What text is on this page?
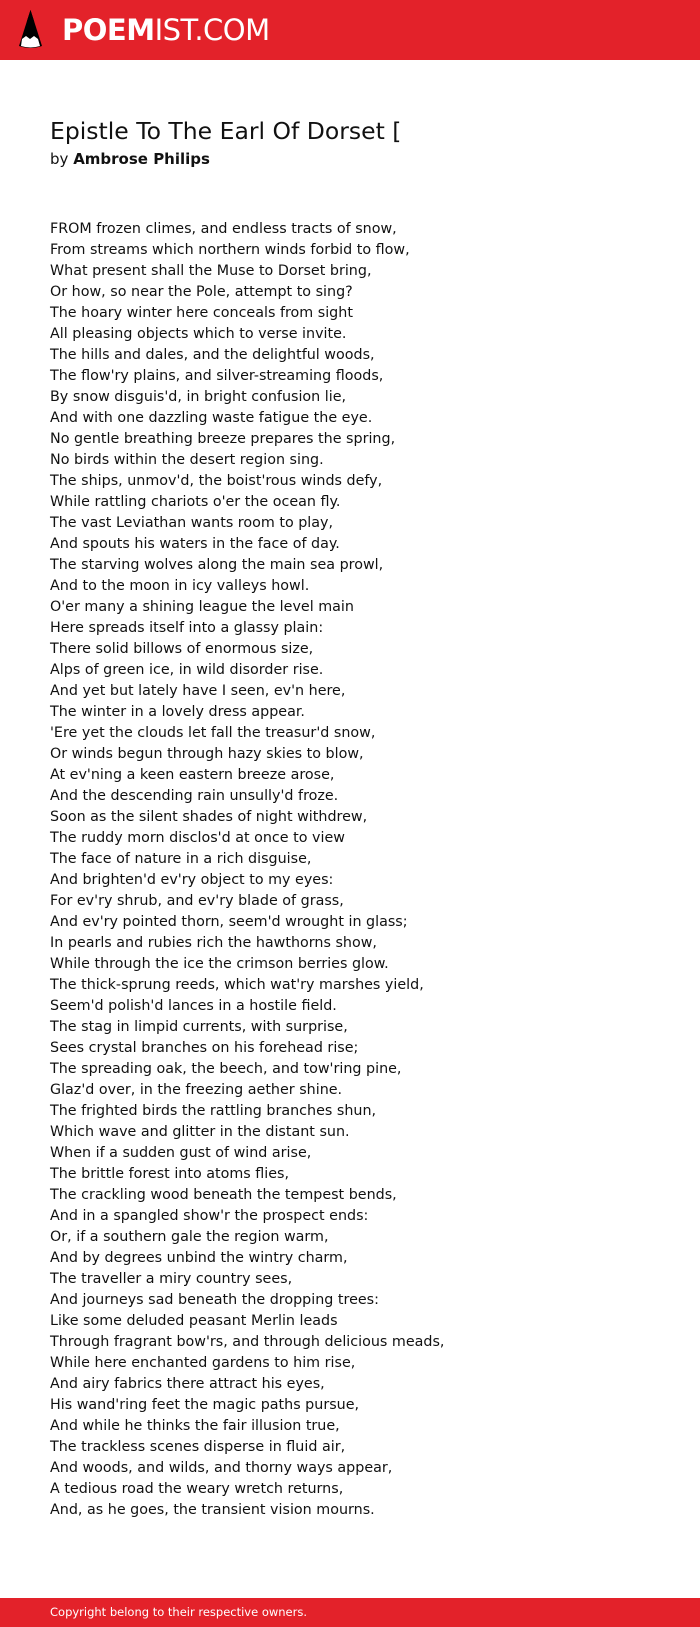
POEMIST.COM
Epistle To The Earl Of Dorset [
by Ambrose Philips
FROM frozen climes, and endless tracts of snow,
From streams which northern winds forbid to flow,
What present shall the Muse to Dorset bring,
Or how, so near the Pole, attempt to sing?
The hoary winter here conceals from sight
All pleasing objects which to verse invite.
The hills and dales, and the delightful woods,
The flow'ry plains, and silver-streaming floods,
By snow disguis'd, in bright confusion lie,
And with one dazzling waste fatigue the eye.
No gentle breathing breeze prepares the spring,
No birds within the desert region sing.
The ships, unmov'd, the boist'rous winds defy,
While rattling chariots o'er the ocean fly.
The vast Leviathan wants room to play,
And spouts his waters in the face of day.
The starving wolves along the main sea prowl,
And to the moon in icy valleys howl.
O'er many a shining league the level main
Here spreads itself into a glassy plain:
There solid billows of enormous size,
Alps of green ice, in wild disorder rise.
And yet but lately have I seen, ev'n here,
The winter in a lovely dress appear.
'Ere yet the clouds let fall the treasur'd snow,
Or winds begun through hazy skies to blow,
At ev'ning a keen eastern breeze arose,
And the descending rain unsully'd froze.
Soon as the silent shades of night withdrew,
The ruddy morn disclos'd at once to view
The face of nature in a rich disguise,
And brighten'd ev'ry object to my eyes:
For ev'ry shrub, and ev'ry blade of grass,
And ev'ry pointed thorn, seem'd wrought in glass;
In pearls and rubies rich the hawthorns show,
While through the ice the crimson berries glow.
The thick-sprung reeds, which wat'ry marshes yield,
Seem'd polish'd lances in a hostile field.
The stag in limpid currents, with surprise,
Sees crystal branches on his forehead rise;
The spreading oak, the beech, and tow'ring pine,
Glaz'd over, in the freezing aether shine.
The frighted birds the rattling branches shun,
Which wave and glitter in the distant sun.
When if a sudden gust of wind arise,
The brittle forest into atoms flies,
The crackling wood beneath the tempest bends,
And in a spangled show'r the prospect ends:
Or, if a southern gale the region warm,
And by degrees unbind the wintry charm,
The traveller a miry country sees,
And journeys sad beneath the dropping trees:
Like some deluded peasant Merlin leads
Through fragrant bow'rs, and through delicious meads,
While here enchanted gardens to him rise,
And airy fabrics there attract his eyes,
His wand'ring feet the magic paths pursue,
And while he thinks the fair illusion true,
The trackless scenes disperse in fluid air,
And woods, and wilds, and thorny ways appear,
A tedious road the weary wretch returns,
And, as he goes, the transient vision mourns.
Copyright belong to their respective owners.
